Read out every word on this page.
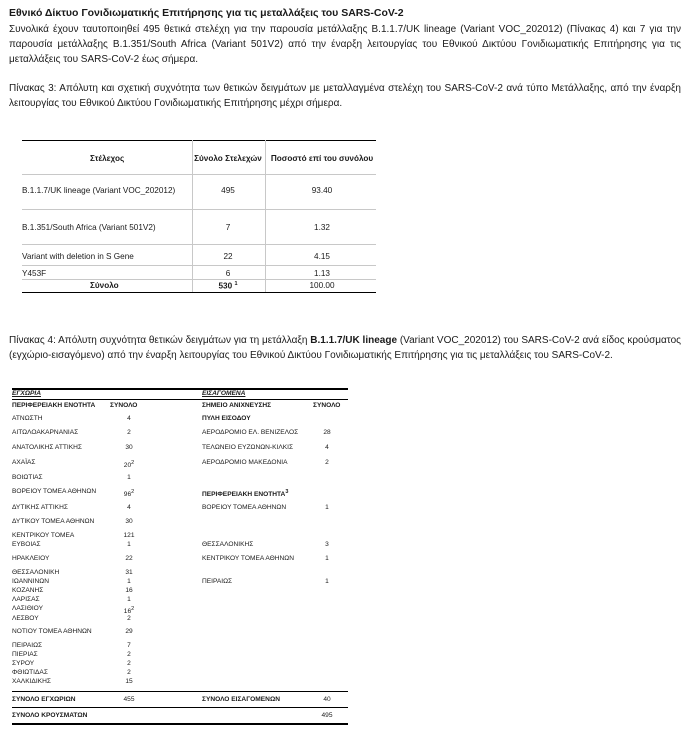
Εθνικό Δίκτυο Γονιδιωματικής Επιτήρησης για τις μεταλλάξεις του SARS-CoV-2
Συνολικά έχουν ταυτοποιηθεί 495 θετικά στελέχη για την παρουσία μετάλλαξης B.1.1.7/UK lineage (Variant VOC_202012) (Πίνακας 4) και 7 για την παρουσία μετάλλαξης B.1.351/South Africa (Variant 501V2) από την έναρξη λειτουργίας του Εθνικού Δικτύου Γονιδιωματικής Επιτήρησης για τις μεταλλάξεις του SARS-CoV-2 έως σήμερα.
Πίνακας 3: Απόλυτη και σχετική συχνότητα των θετικών δειγμάτων με μεταλλαγμένα στελέχη του SARS-CoV-2 ανά τύπο Μετάλλαξης, από την έναρξη λειτουργίας του Εθνικού Δικτύου Γονιδιωματικής Επιτήρησης μέχρι σήμερα.
Στέλεχος	Σύνολο Στελεχών	Ποσοστό επί του συνόλου
B.1.1.7/UK lineage (Variant VOC_202012)	495	93.40
B.1.351/South Africa (Variant 501V2)	7	1.32
Variant with deletion in S Gene	22	4.15
Y453F	6	1.13
Σύνολο	530 $^1$	100.00
Πίνακας 4: Απόλυτη συχνότητα θετικών δειγμάτων για τη μετάλλαξη B.1.1.7/UK lineage (Variant VOC_202012) του SARS-CoV-2 ανά είδος κρούσματος (εγχώριο-εισαγόμενο) από την έναρξη λειτουργίας του Εθνικού Δικτύου Γονιδιωματικής Επιτήρησης για τις μεταλλάξεις του SARS-CoV-2.
ΕΓΧΩΡΙΑ	ΕΙΣΑΓΟΜΕΝΑ
ΠΕΡΙΦΕΡΕΙΑΚΗ ΕΝΟΤΗΤΑ ΣΥΝΟΛΟ	ΣΗΜΕΙΟ ΑΝΙΧΝΕΥΣΗΣ	ΣΥΝΟΛΟ
ΑΤΝΩΣΤΗ	4
ΑΙΤΩΛΟΑΚΑΡΝΑΝΙΑΣ	2
ΑΝΑΤΟΛΙΚΗΣ ΑΤΤΙΚΗΣ	30
ΑΧΑΪΑΣ	$20^2$
ΒΟΙΩΤΙΑΣ	1
ΒΟΡΕΙΟΥ ΤΟΜΕΑ ΑΘΗΝΩΝ	$96^2$
ΔΥΤΙΚΗΣ ΑΤΤΙΚΗΣ	4
ΔΥΤΙΚΟΥ ΤΟΜΕΑ ΑΘΗΝΩΝ	30
ΚΕΝΤΡΙΚΟΥ ΤΟΜΕΑ	121
ΕΥΒΟΙΑΣ	1
ΗΡΑΚΛΕΙΟΥ	22
ΘΕΣΣΑΛΟΝΙΚΗ	31
ΙΩΑΝΝΙΝΩΝ	1
ΚΟΖΑΝΗΣ	16
ΛΑΡΙΣΑΣ	1
ΛΑΣΙΘΙΟΥ	$16^2$
ΛΕΣΒΟΥ	2
ΝΟΤΙΟΥ ΤΟΜΕΑ ΑΘΗΝΩΝ	29
ΠΕΙΡΑΙΩΣ	7
ΠΙΕΡΙΑΣ	2
ΣΥΡΟΥ	2
ΦΘΙΩΤΙΔΑΣ	2
ΧΑΛΚΙΔΙΚΗΣ	15
ΠΥΛΗ ΕΙΣΟΔΟΥ
ΑΕΡΟΔΡΟΜΙΟ ΕΛ. ΒΕΝΙΖΕΛΟΣ	28
ΤΕΛΩΝΕΙΟ ΕΥΖΩΝΩΝ-ΚΙΛΚΙΣ	4
ΑΕΡΟΔΡΟΜΙΟ ΜΑΚΕΔΟΝΙΑ	2
ΒΟΡΕΙΟΥ ΤΟΜΕΑ ΑΘΗΝΩΝ	1
ΘΕΣΣΑΛΟΝΙΚΗΣ	3
ΚΕΝΤΡΙΚΟΥ ΤΟΜΕΑ ΑΘΗΝΩΝ	1
ΠΕΙΡΑΙΩΣ	1
ΠΕΡΙΦΕΡΕΙΑΚΗ ΕΝΟΤΗΤΑ$^3$
ΣΥΝΟΛΟ ΕΓΧΩΡΙΩΝ	455	ΣΥΝΟΛΟ ΕΙΣΑΓΟΜΕΝΩΝ	40
ΣΥΝΟΛΟ ΚΡΟΥΣΜΑΤΩΝ	495
